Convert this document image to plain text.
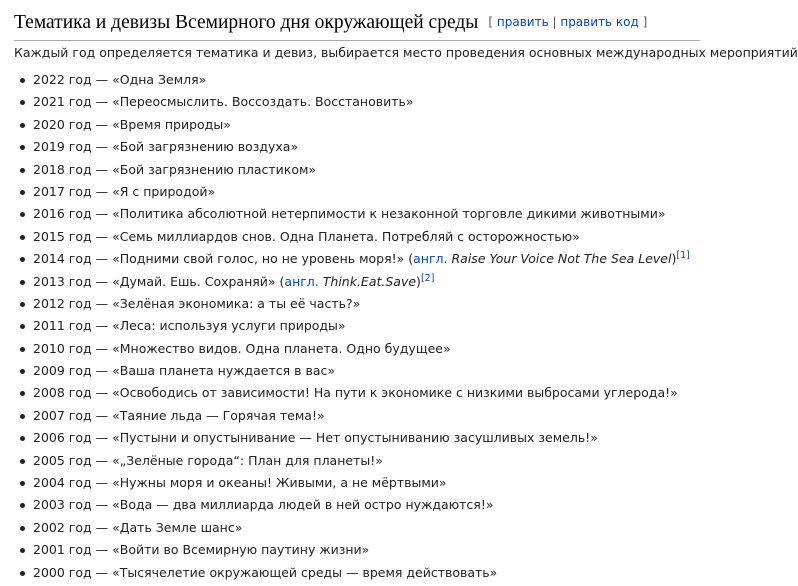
Тематика и девизы Всемирного дня окружающей среды [ править | править код ]

Каждый год определяется тематика и девиз, выбирается место проведения основных международных мероприятий

2022 год — «Одна Земля»
2021 год — «Переосмыслить. Воссоздать. Восстановить»
2020 год — «Время природы»
2019 год — «Бой загрязнению воздуха»
2018 год — «Бой загрязнению пластиком»
2017 год — «Я с природой»
2016 год — «Политика абсолютной нетерпимости к незаконной торговле дикими животными»
2015 год — «Семь миллиардов снов. Одна Планета. Потребляй с осторожностью»
2014 год — «Подними свой голос, но не уровень моря!» (англ. Raise Your Voice Not The Sea Level)[1]
2013 год — «Думай. Ешь. Сохраняй» (англ. Think.Eat.Save)[2]
2012 год — «Зелёная экономика: а ты её часть?»
2011 год — «Леса: используя услуги природы»
2010 год — «Множество видов. Одна планета. Одно будущее»
2009 год — «Ваша планета нуждается в вас»
2008 год — «Освободись от зависимости! На пути к экономике с низкими выбросами углерода!»
2007 год — «Таяние льда — Горячая тема!»
2006 год — «Пустыни и опустынивание — Нет опустыниванию засушливых земель!»
2005 год — «„Зелёные города“: План для планеты!»
2004 год — «Нужны моря и океаны! Живыми, а не мёртвыми»
2003 год — «Вода — два миллиарда людей в ней остро нуждаются!»
2002 год — «Дать Земле шанс»
2001 год — «Войти во Всемирную паутину жизни»
2000 год — «Тысячелетие окружающей среды — время действовать»
